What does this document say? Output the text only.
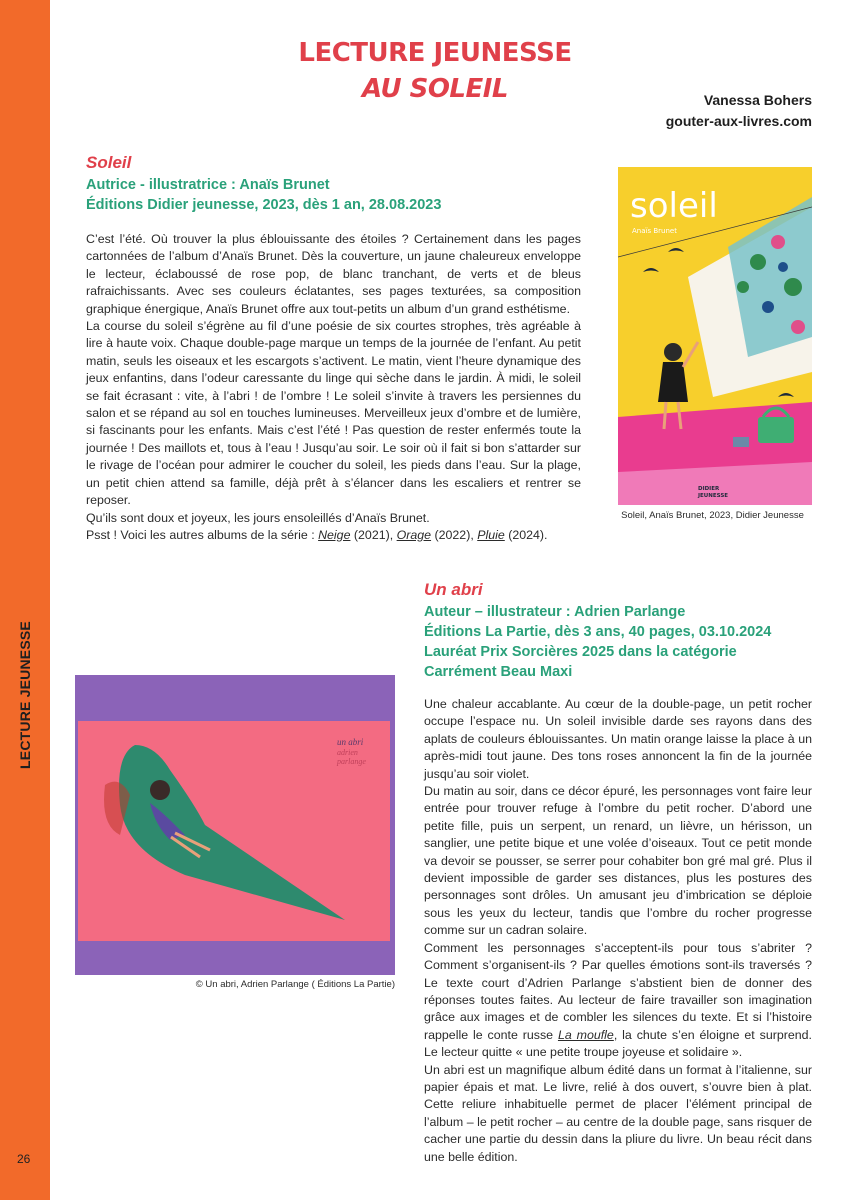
LECTURE JEUNESSE
26
LECTURE JEUNESSE
AU SOLEIL	Vanessa Bohers
gouter-aux-livres.com
Soleil
Autrice - illustratrice : Anaïs Brunet
Éditions Didier jeunesse, 2023, dès 1 an, 28.08.2023

C’est l’été. Où trouver la plus éblouissante des étoiles ? Certainement dans les pages cartonnées de l’album d’Anaïs Brunet. Dès la couverture, un jaune chaleureux enveloppe le lecteur, éclaboussé de rose pop, de blanc tranchant, de verts et de bleus rafraichissants. Avec ses couleurs éclatantes, ses pages texturées, sa composition graphique énergique, Anaïs Brunet offre aux tout-petits un album d’un grand esthétisme.

La course du soleil s’égrène au fil d’une poésie de six courtes strophes, très agréable à lire à haute voix. Chaque double-page marque un temps de la journée de l’enfant. Au petit matin, seuls les oiseaux et les escargots s’activent. Le matin, vient l’heure dynamique des jeux enfantins, dans l’odeur caressante du linge qui sèche dans le jardin. À midi, le soleil se fait écrasant : vite, à l’abri ! de l’ombre ! Le soleil s’invite à travers les persiennes du salon et se répand au sol en touches lumineuses. Merveilleux jeux d’ombre et de lumière, si fascinants pour les enfants. Mais c’est l’été ! Pas question de rester enfermés toute la journée ! Des maillots et, tous à l’eau ! Jusqu’au soir. Le soir où il fait si bon s’attarder sur le rivage de l’océan pour admirer le coucher du soleil, les pieds dans l’eau. Sur la plage, un petit chien attend sa famille, déjà prêt à s’élancer dans les escaliers et rentrer se reposer.

Qu’ils sont doux et joyeux, les jours ensoleillés d’Anaïs Brunet.

Psst ! Voici les autres albums de la série : Neige (2021), Orage (2022), Pluie (2024).

soleil
Anaïs Brunet
DIDIER
JEUNESSE
Soleil, Anaïs Brunet, 2023, Didier Jeunesse
un abri
adrien
parlange
© Un abri, Adrien Parlange ( Éditions La Partie)
Un abri
Auteur – illustrateur : Adrien Parlange
Éditions La Partie, dès 3 ans, 40 pages, 03.10.2024
Lauréat Prix Sorcières 2025 dans la catégorie Carrément Beau Maxi

Une chaleur accablante. Au cœur de la double-page, un petit rocher occupe l’espace nu. Un soleil invisible darde ses rayons dans des aplats de couleurs éblouissantes. Un matin orange laisse la place à un après-midi tout jaune. Des tons roses annoncent la fin de la journée jusqu’au soir violet.

Du matin au soir, dans ce décor épuré, les personnages vont faire leur entrée pour trouver refuge à l’ombre du petit rocher. D’abord une petite fille, puis un serpent, un renard, un lièvre, un hérisson, un sanglier, une petite bique et une volée d’oiseaux. Tout ce petit monde va devoir se pousser, se serrer pour cohabiter bon gré mal gré. Plus il devient impossible de garder ses distances, plus les postures des personnages sont drôles. Un amusant jeu d’imbrication se déploie sous les yeux du lecteur, tandis que l’ombre du rocher progresse comme sur un cadran solaire.

Comment les personnages s’acceptent-ils pour tous s’abriter ? Comment s’organisent-ils ? Par quelles émotions sont-ils traversés ? Le texte court d’Adrien Parlange s’abstient bien de donner des réponses toutes faites. Au lecteur de faire travailler son imagination grâce aux images et de combler les silences du texte. Et si l’histoire rappelle le conte russe La moufle, la chute s’en éloigne et surprend. Le lecteur quitte « une petite troupe joyeuse et solidaire ».

Un abri est un magnifique album édité dans un format à l’italienne, sur papier épais et mat. Le livre, relié à dos ouvert, s’ouvre bien à plat. Cette reliure inhabituelle permet de placer l’élément principal de l’album – le petit rocher – au centre de la double page, sans risquer de cacher une partie du dessin dans la pliure du livre. Un beau récit dans une belle édition.
